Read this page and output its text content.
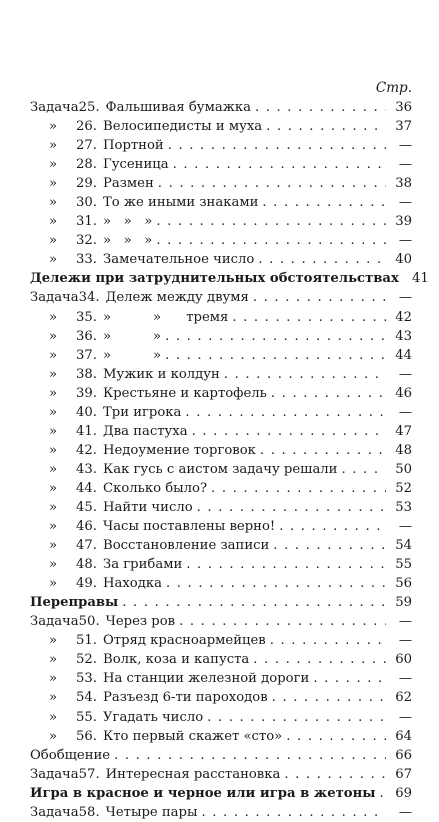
Стр.
Задача 25. Фальшивая бумажка . . .	36
»	26. Велосипедисты и муха . . .	37
»	27. Портной . . .	—
»	28. Гусеница . . .	—
»	29. Размен . . .	38
»	30. То же иными знаками . . .	—
»	31. »   »   » . . .	39
»	32. »   »   » . . .	—
»	33. Замечательное число . . .	40
Дележи при затруднительных обстоятельствах	41
Задача 34. Дележ между двумя . . .	—
»	35. »          »      тремя . . .	42
»	36. »          » . . .	43
»	37. »          » . . .	44
»	38. Мужик и колдун . . .	—
»	39. Крестьяне и картофель . . .	46
»	40. Три игрока . . .	—
»	41. Два пастуха . . .	47
»	42. Недоумение торговок . . .	48
»	43. Как гусь с аистом задачу решали . . .	50
»	44. Сколько было? . . .	52
»	45. Найти число . . .	53
»	46. Часы поставлены верно! . . .	—
»	47. Восстановление записи . . .	54
»	48. За грибами . . .	55
»	49. Находка . . .	56
Переправы . . .	59
Задача 50. Через ров . . .	—
»	51. Отряд красноармейцев . . .	—
»	52. Волк, коза и капуста . . .	60
»	53. На станции железной дороги . . .	—
»	54. Разъезд 6-ти пароходов . . .	62
»	55. Угадать число . . .	—
»	56. Кто первый скажет «сто» . . .	64
Обобщение . . .	66
Задача 57. Интересная расстановка . . .	67
Игра в красное и черное или игра в жетоны . . .	69
Задача 58. Четыре пары . . .	—
